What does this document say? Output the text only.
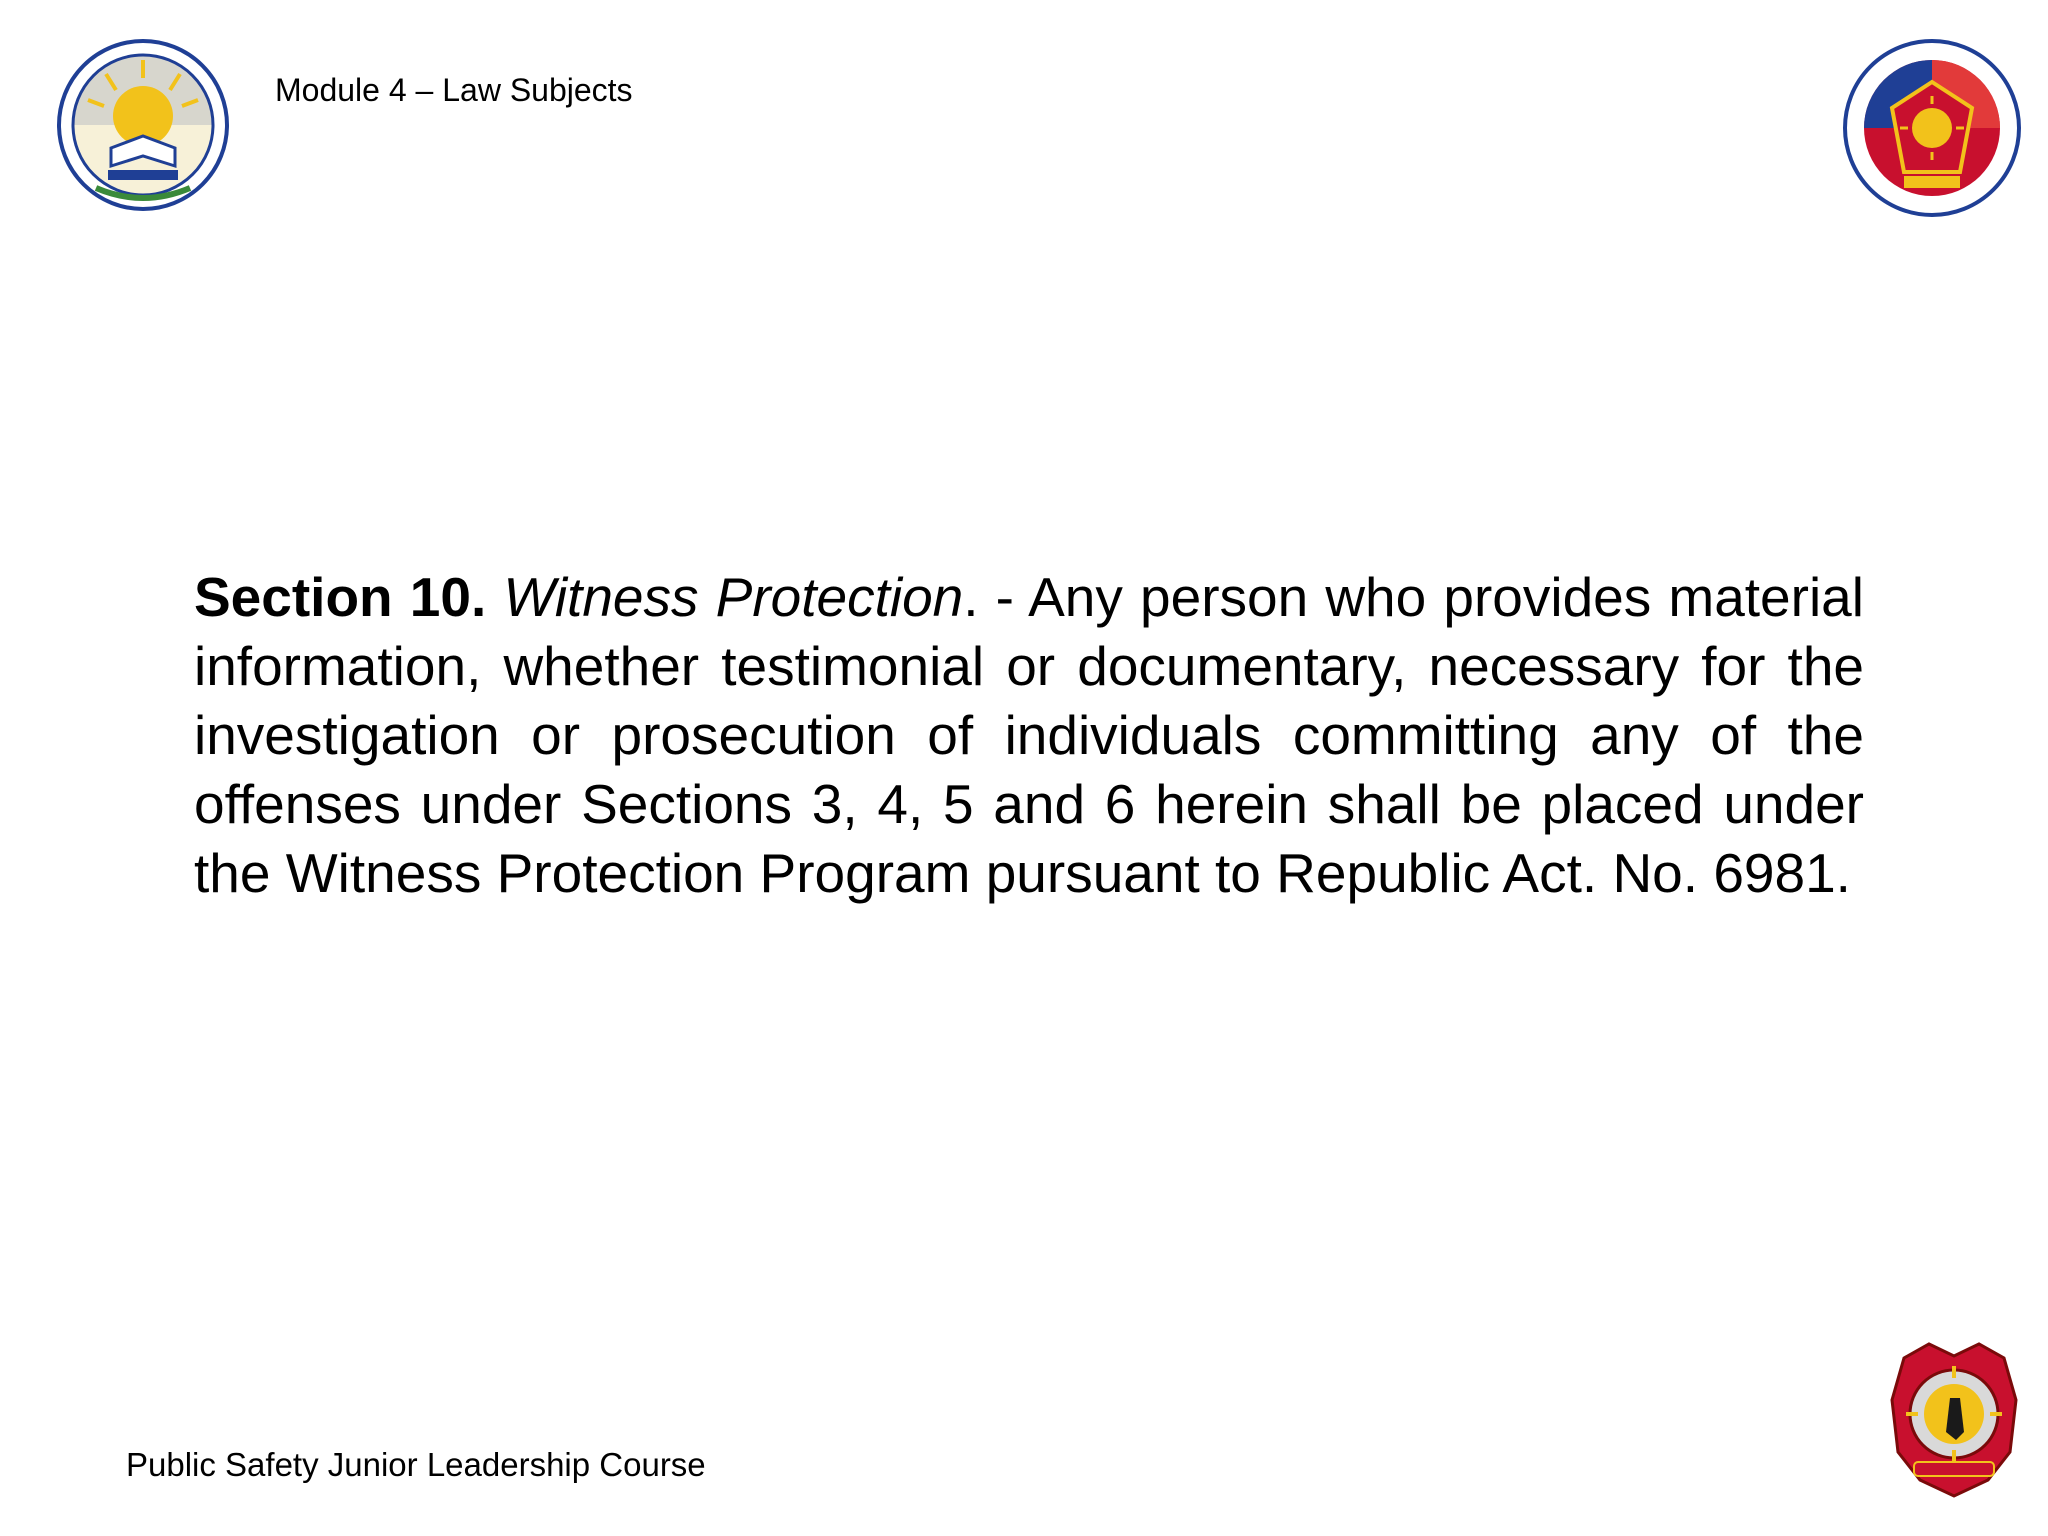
Module 4 – Law Subjects
Section 10. Witness Protection. - Any person who provides material information, whether testimonial or documentary, necessary for the investigation or prosecution of individuals committing any of the offenses under Sections 3, 4, 5 and 6 herein shall be placed under the Witness Protection Program pursuant to Republic Act. No. 6981.
Public Safety Junior Leadership Course
